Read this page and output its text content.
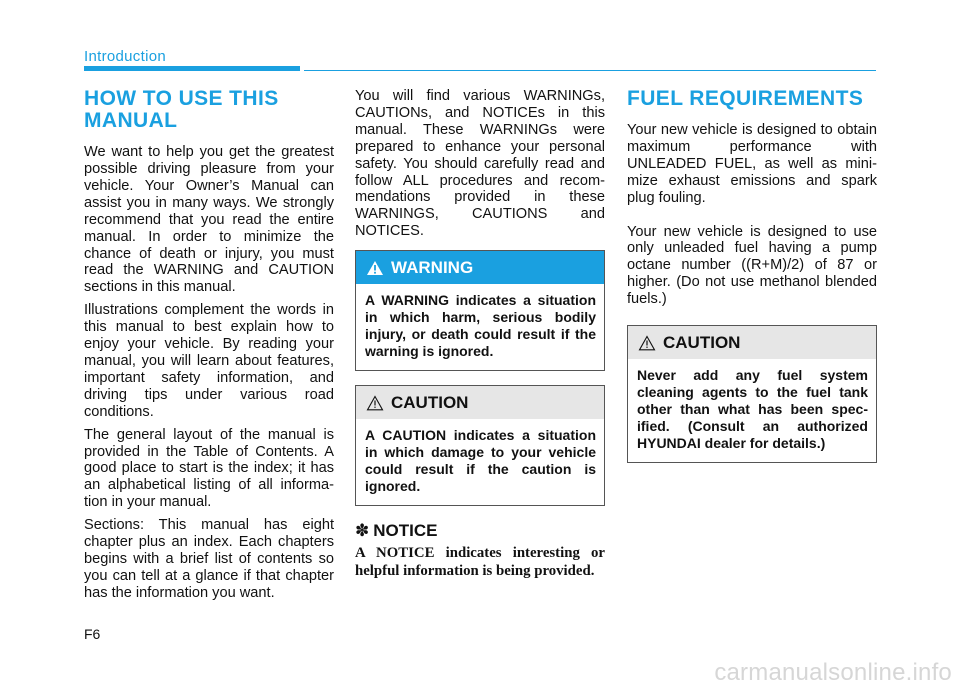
Introduction
HOW TO USE THIS MANUAL

We want to help you get the greatest possible driving pleasure from your vehicle. Your Owner’s Manual can assist you in many ways. We strongly recommend that you read the entire manual. In order to minimize the chance of death or injury, you must read the WARNING and CAUTION sections in this manual.

Illustrations complement the words in this manual to best explain how to enjoy your vehicle. By reading your manual, you will learn about features, important safety information, and driving tips under various road conditions.

The general layout of the manual is provided in the Table of Contents. A good place to start is the index; it has an alphabetical listing of all information in your manual.

Sections: This manual has eight chapter plus an index. Each chapters begins with a brief list of contents so you can tell at a glance if that chapter has the information you want.

You will find various WARNINGs, CAUTIONs, and NOTICEs in this manual. These WARNINGs were prepared to enhance your personal safety. You should carefully read and follow ALL procedures and recommendations provided in these WARNINGS, CAUTIONS and NOTICES.

WARNING
A WARNING indicates a situation in which harm, serious bodily injury, or death could result if the warning is ignored.
CAUTION
A CAUTION indicates a situation in which damage to your vehicle could result if the caution is ignored.
✽ NOTICE
A NOTICE indicates interesting or helpful information is being provided.
FUEL REQUIREMENTS

Your new vehicle is designed to obtain maximum performance with UNLEADED FUEL, as well as minimize exhaust emissions and spark plug fouling.

Your new vehicle is designed to use only unleaded fuel having a pump octane number ((R+M)/2) of 87 or higher. (Do not use methanol blended fuels.)

CAUTION
Never add any fuel system cleaning agents to the fuel tank other than what has been specified. (Consult an authorized HYUNDAI dealer for details.)
F6
carmanualsonline.info
